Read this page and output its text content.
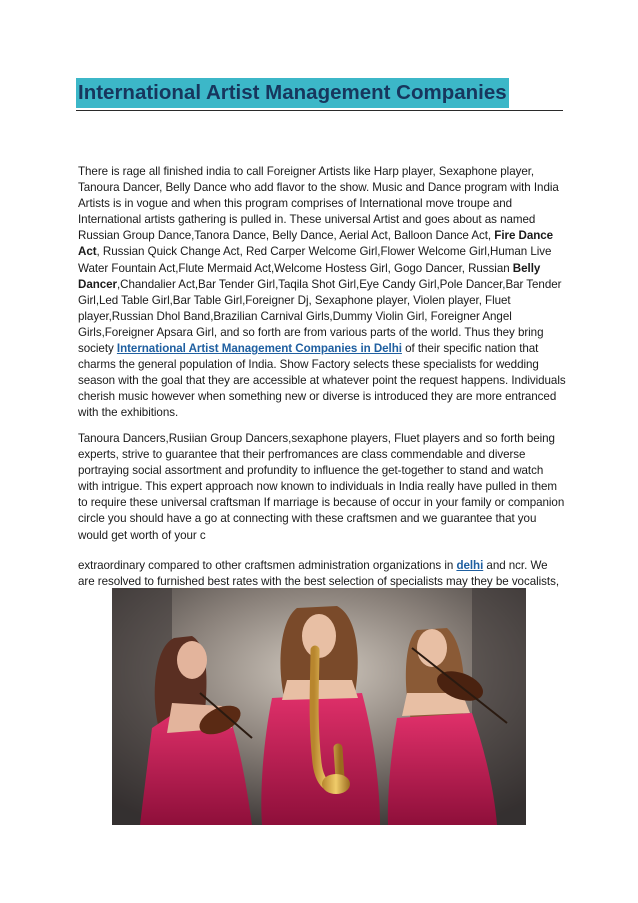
International Artist Management Companies

There is rage all finished india to call Foreigner Artists like Harp player, Sexaphone player, Tanoura Dancer, Belly Dance who add flavor to the show. Music and Dance program with India Artists is in vogue and when this program comprises of International move troupe and International artists gathering is pulled in. These universal Artist and goes about as named Russian Group Dance,Tanora Dance, Belly Dance, Aerial Act, Balloon Dance Act, Fire Dance Act, Russian Quick Change Act, Red Carper Welcome Girl,Flower Welcome Girl,Human Live Water Fountain Act,Flute Mermaid Act,Welcome Hostess Girl, Gogo Dancer, Russian Belly Dancer,Chandalier Act,Bar Tender Girl,Taqila Shot Girl,Eye Candy Girl,Pole Dancer,Bar Tender Girl,Led Table Girl,Bar Table Girl,Foreigner Dj, Sexaphone player, Violen player, Fluet player,Russian Dhol Band,Brazilian Carnival Girls,Dummy Violin Girl, Foreigner Angel Girls,Foreigner Apsara Girl, and so forth are from various parts of the world. Thus they bring society International Artist Management Companies in Delhi of their specific nation that charms the general population of India. Show Factory selects these specialists for wedding season with the goal that they are accessible at whatever point the request happens. Individuals cherish music however when something new or diverse is introduced they are more entranced with the exhibitions.

Tanoura Dancers,Rusiian Group Dancers,sexaphone players, Fluet players and so forth being experts, strive to guarantee that their perfromances are class commendable and diverse portraying social assortment and profundity to influence the get-together to stand and watch with intrigue. This expert approach now known to individuals in India really have pulled in them to require these universal craftsman If marriage is because of occur in your family or companion circle you should have a go at connecting with these craftsmen and we guarantee that you would get worth of your c

extraordinary compared to other craftsmen administration organizations in delhi and ncr. We are resolved to furnished best rates with the best selection of specialists may they be vocalists,
